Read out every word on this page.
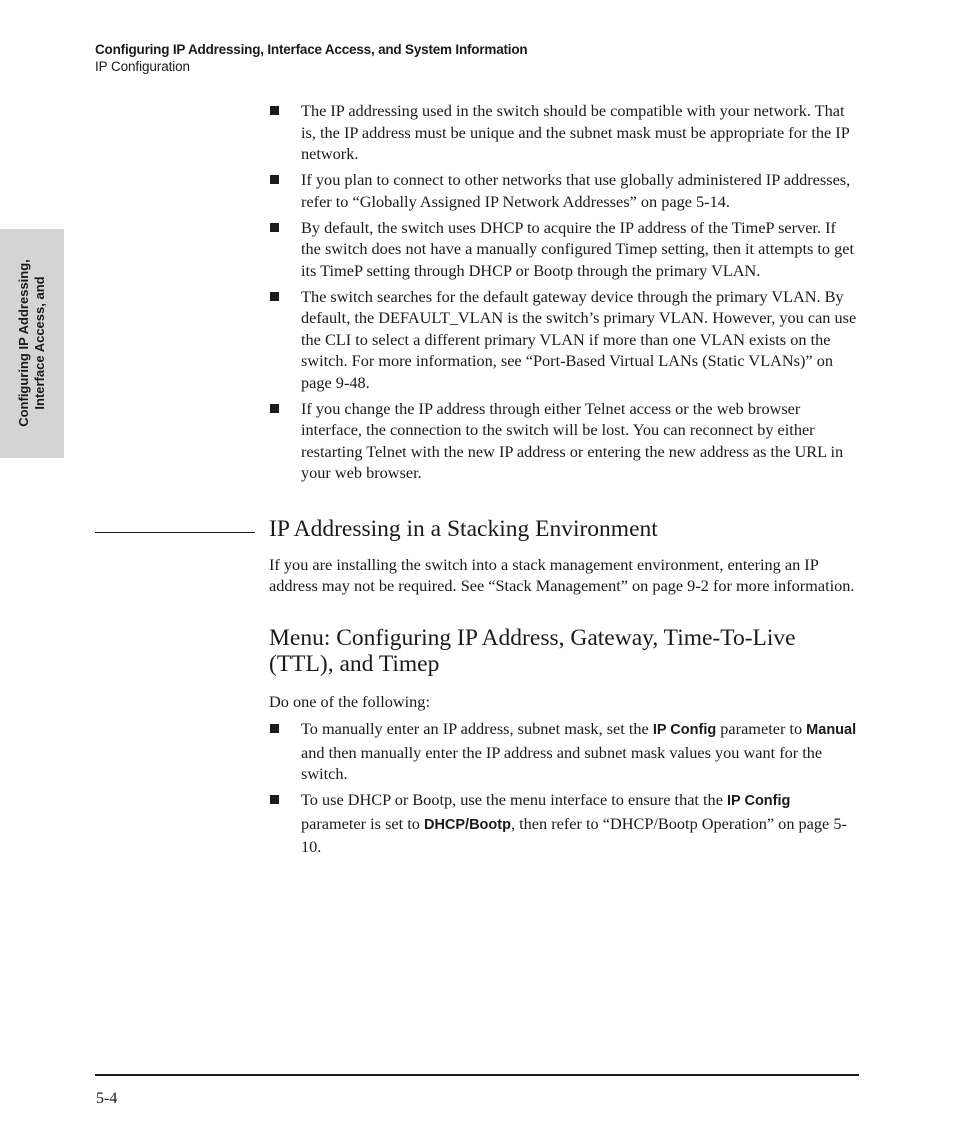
Configuring IP Addressing, Interface Access, and System Information
IP Configuration
Configuring IP Addressing, Interface Access, and
The IP addressing used in the switch should be compatible with your network. That is, the IP address must be unique and the subnet mask must be appropriate for the IP network.
If you plan to connect to other networks that use globally administered IP addresses, refer to “Globally Assigned IP Network Addresses” on page 5-14.
By default, the switch uses DHCP to acquire the IP address of the TimeP server. If the switch does not have a manually configured Timep setting, then it attempts to get its TimeP setting through DHCP or Bootp through the primary VLAN.
The switch searches for the default gateway device through the primary VLAN. By default, the DEFAULT_VLAN is the switch’s primary VLAN. However, you can use the CLI to select a different primary VLAN if more than one VLAN exists on the switch. For more information, see “Port-Based Virtual LANs (Static VLANs)” on page 9-48.
If you change the IP address through either Telnet access or the web browser interface, the connection to the switch will be lost. You can reconnect by either restarting Telnet with the new IP address or entering the new address as the URL in your web browser.
IP Addressing in a Stacking Environment

If you are installing the switch into a stack management environment, entering an IP address may not be required. See “Stack Management” on page 9-2 for more information.

Menu: Configuring IP Address, Gateway, Time-To-Live (TTL), and Timep

Do one of the following:

To manually enter an IP address, subnet mask, set the IP Config parameter to Manual and then manually enter the IP address and subnet mask values you want for the switch.
To use DHCP or Bootp, use the menu interface to ensure that the IP Config parameter is set to DHCP/Bootp, then refer to “DHCP/Bootp Operation” on page 5-10.
5-4
